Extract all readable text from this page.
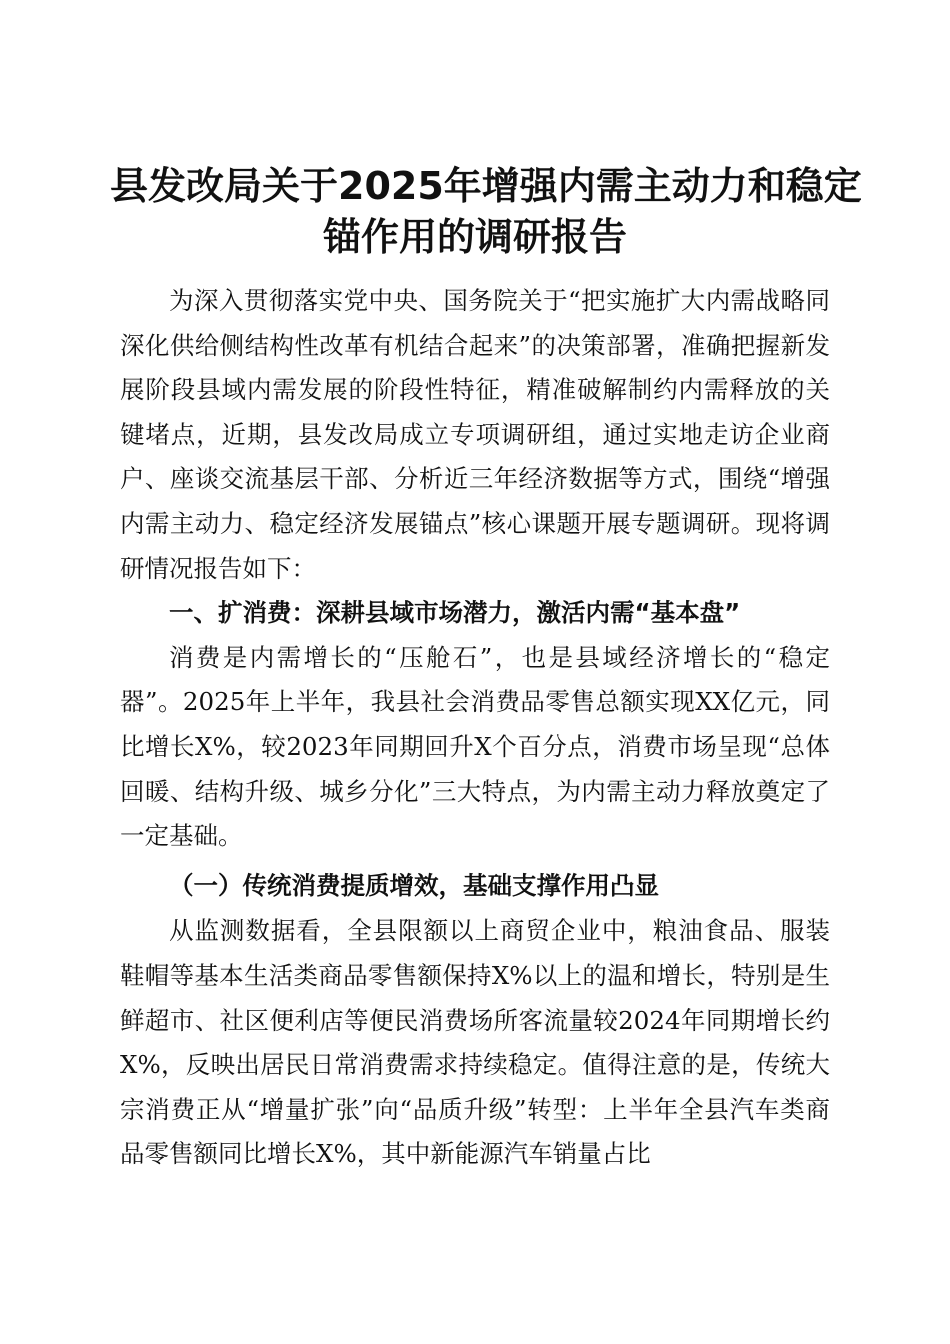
县发改局关于2025年增强内需主动力和稳定
锚作用的调研报告

为深入贯彻落实党中央、国务院关于“把实施扩大内需战略同深化供给侧结构性改革有机结合起来”的决策部署，准确把握新发展阶段县域内需发展的阶段性特征，精准破解制约内需释放的关键堵点，近期，县发改局成立专项调研组，通过实地走访企业商户、座谈交流基层干部、分析近三年经济数据等方式，围绕“增强内需主动力、稳定经济发展锚点”核心课题开展专题调研。现将调研情况报告如下：

一、扩消费：深耕县域市场潜力，激活内需“基本盘”

消费是内需增长的“压舱石”，也是县域经济增长的“稳定器”。2025年上半年，我县社会消费品零售总额实现XX亿元，同比增长X%，较2023年同期回升X个百分点，消费市场呈现“总体回暖、结构升级、城乡分化”三大特点，为内需主动力释放奠定了一定基础。

（一）传统消费提质增效，基础支撑作用凸显

从监测数据看，全县限额以上商贸企业中，粮油食品、服装鞋帽等基本生活类商品零售额保持X%以上的温和增长，特别是生鲜超市、社区便利店等便民消费场所客流量较2024年同期增长约X%，反映出居民日常消费需求持续稳定。值得注意的是，传统大宗消费正从“增量扩张”向“品质升级”转型：上半年全县汽车类商品零售额同比增长X%，其中新能源汽车销量占比
